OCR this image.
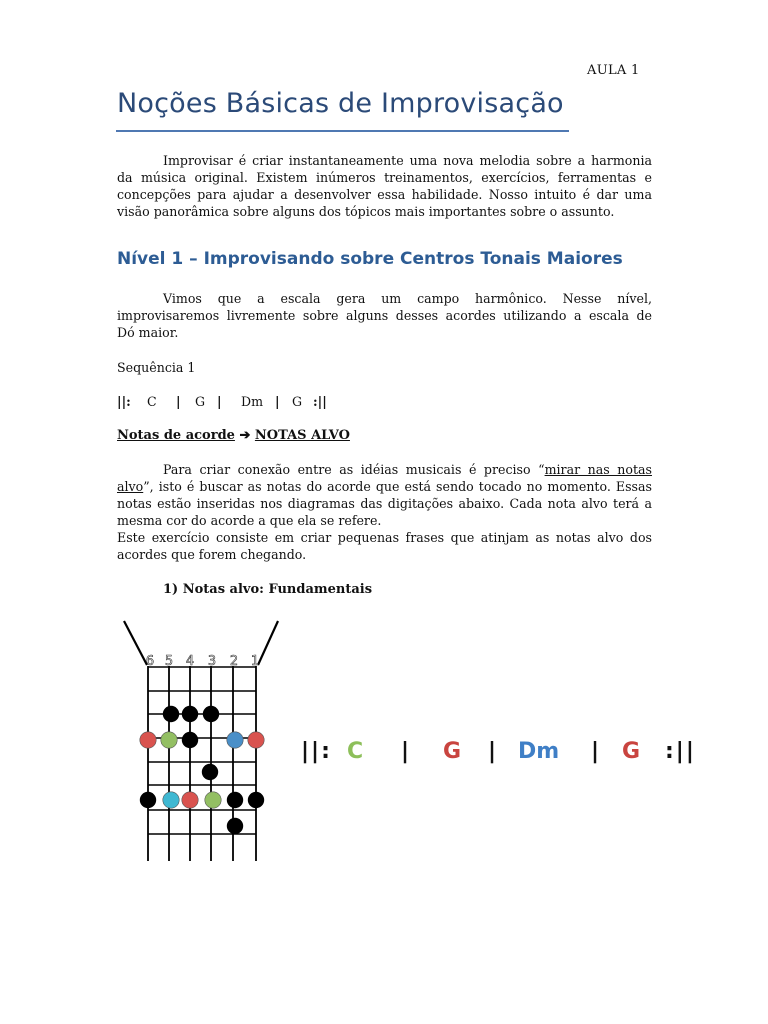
AULA 1
Noções Básicas de Improvisação
Improvisar é criar instantaneamente uma nova melodia sobre a harmonia
da música original. Existem inúmeros treinamentos, exercícios, ferramentas e
concepções para ajudar a desenvolver essa habilidade. Nosso intuito é dar uma
visão panorâmica sobre alguns dos tópicos mais importantes sobre o assunto.
Nível 1 – Improvisando sobre Centros Tonais Maiores
Vimos que a escala gera um campo harmônico. Nesse nível,
improvisaremos livremente sobre alguns desses acordes utilizando a escala de
Dó maior.
Sequência 1
||: C | G | Dm | G :||
Notas de acorde ➔ NOTAS ALVO
Para criar conexão entre as idéias musicais é preciso “mirar nas notas
alvo”, isto é buscar as notas do acorde que está sendo tocado no momento. Essas
notas estão inseridas nos diagramas das digitações abaixo. Cada nota alvo terá a
mesma cor do acorde a que ela se refere.
Este exercício consiste em criar pequenas frases que atinjam as notas alvo dos
acordes que forem chegando.
1) Notas alvo: Fundamentais
6 5 4 3 2 1
||: C | G | Dm | G :||
